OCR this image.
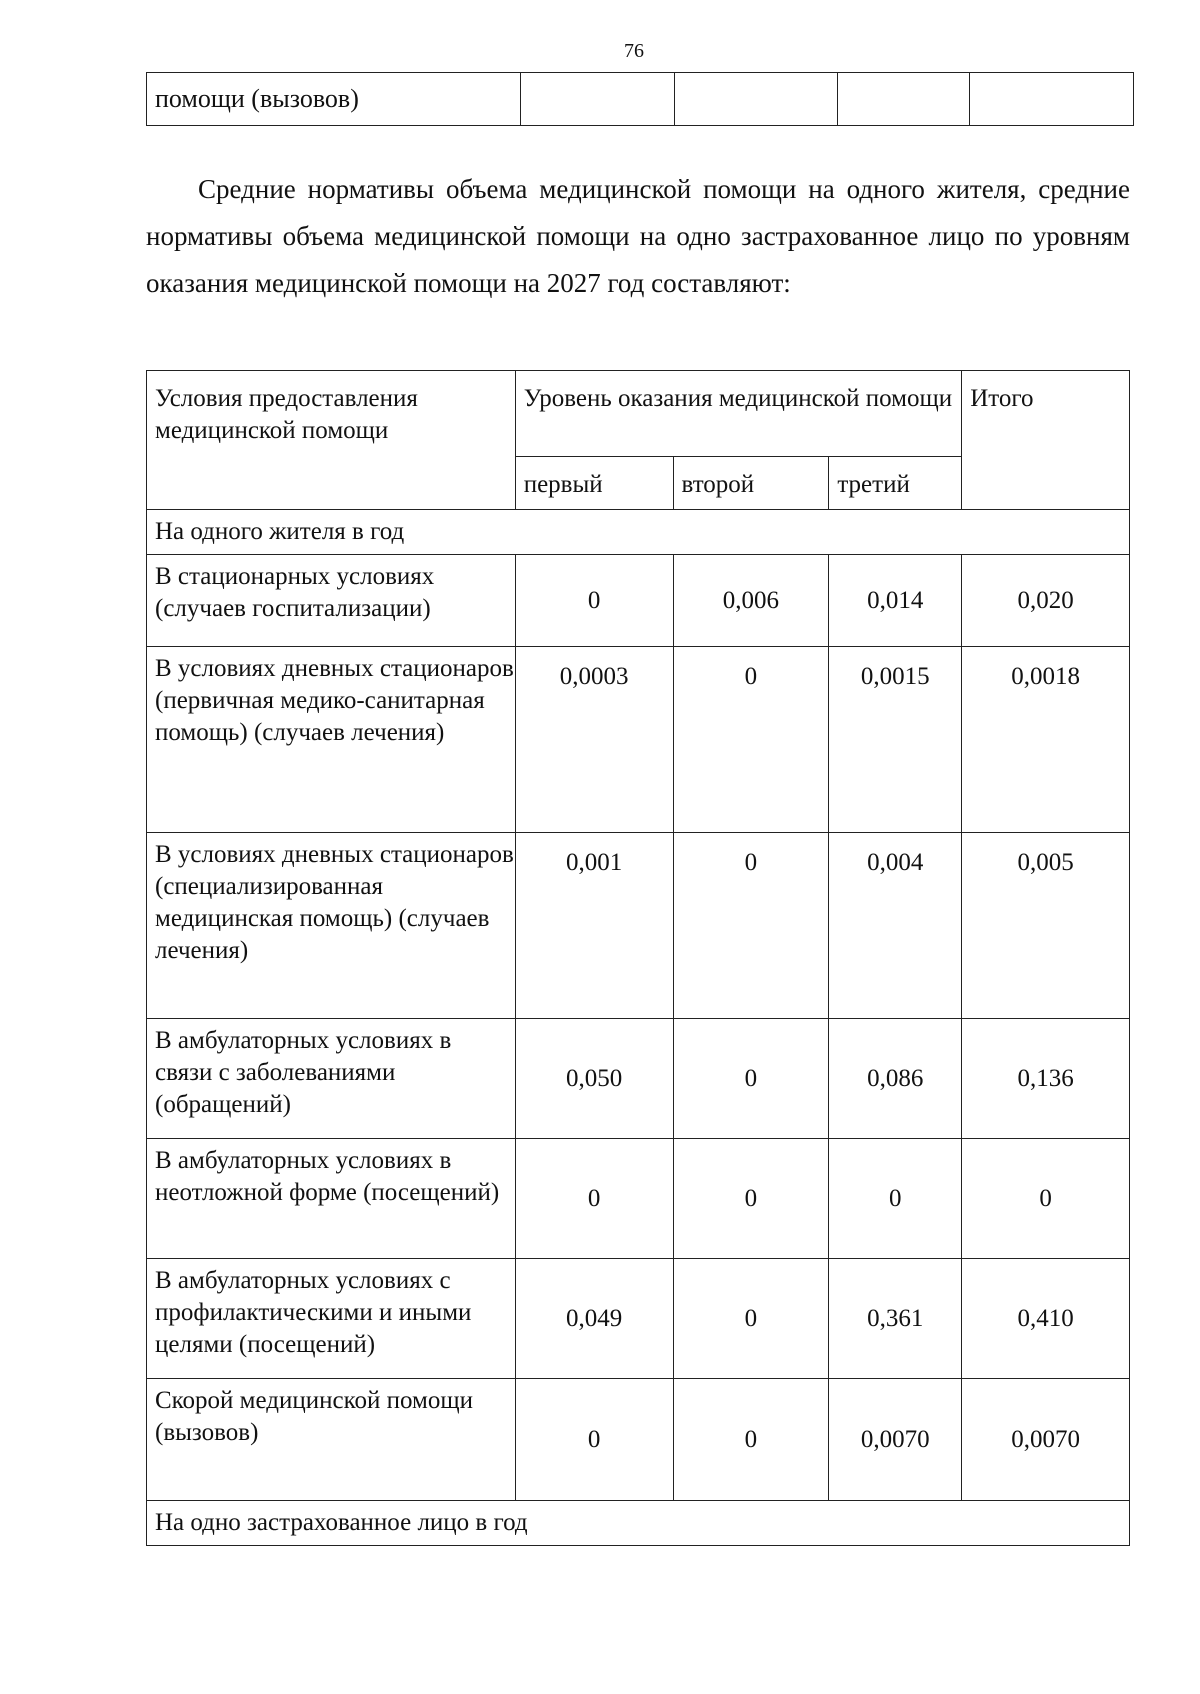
76
помощи (вызовов)				

Средние нормативы объема медицинской помощи на одного жителя, средние нормативы объема медицинской помощи на одно застрахованное лицо по уровням оказания медицинской помощи на 2027 год составляют:

Условия предоставления медицинской помощи	Уровень оказания медицинской помощи			Итого
	первый	второй	третий	
На одного жителя в год				
В стационарных условиях (случаев госпитализации)	0	0,006	0,014	0,020
В условиях дневных стационаров (первичная медико-санитарная помощь) (случаев лечения)	0,0003	0	0,0015	0,0018
В условиях дневных стационаров (специализированная медицинская помощь) (случаев лечения)	0,001	0	0,004	0,005
В амбулаторных условиях в связи с заболеваниями (обращений)	0,050	0	0,086	0,136
В амбулаторных условиях в неотложной форме (посещений)	0	0	0	0
В амбулаторных условиях с профилактическими и иными целями (посещений)	0,049	0	0,361	0,410
Скорой медицинской помощи (вызовов)	0	0	0,0070	0,0070
На одно застрахованное лицо в год				
